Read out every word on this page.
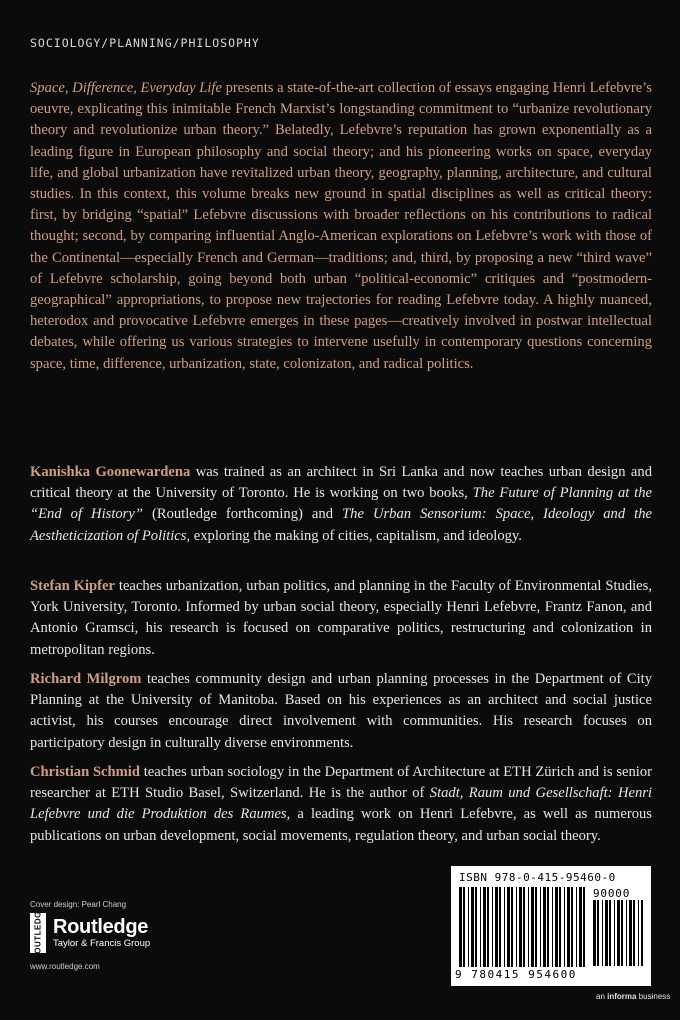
SOCIOLOGY/PLANNING/PHILOSOPHY

Space, Difference, Everyday Life presents a state-of-the-art collection of essays engaging Henri Lefebvre’s oeuvre, explicating this inimitable French Marxist’s longstanding commitment to “urbanize revolutionary theory and revolutionize urban theory.” Belatedly, Lefebvre’s reputation has grown exponentially as a leading figure in European philosophy and social theory; and his pioneering works on space, everyday life, and global urbanization have revitalized urban theory, geography, planning, architecture, and cultural studies. In this context, this volume breaks new ground in spatial disciplines as well as critical theory: first, by bridging “spatial” Lefebvre discussions with broader reflections on his contributions to radical thought; second, by comparing influential Anglo-American explorations on Lefebvre’s work with those of the Continental—especially French and German—traditions; and, third, by proposing a new “third wave” of Lefebvre scholarship, going beyond both urban “political-economic” critiques and “postmodern-geographical” appropriations, to propose new trajectories for reading Lefebvre today. A highly nuanced, heterodox and provocative Lefebvre emerges in these pages—creatively involved in postwar intellectual debates, while offering us various strategies to intervene usefully in contemporary questions concerning space, time, difference, urbanization, state, colonizaton, and radical politics.

Kanishka Goonewardena was trained as an architect in Sri Lanka and now teaches urban design and critical theory at the University of Toronto. He is working on two books, The Future of Planning at the “End of History” (Routledge forthcoming) and The Urban Sensorium: Space, Ideology and the Aestheticization of Politics, exploring the making of cities, capitalism, and ideology.

Stefan Kipfer teaches urbanization, urban politics, and planning in the Faculty of Environmental Studies, York University, Toronto. Informed by urban social theory, especially Henri Lefebvre, Frantz Fanon, and Antonio Gramsci, his research is focused on comparative politics, restructuring and colonization in metropolitan regions.

Richard Milgrom teaches community design and urban planning processes in the Department of City Planning at the University of Manitoba. Based on his experiences as an architect and social justice activist, his courses encourage direct involvement with communities. His research focuses on participatory design in culturally diverse environments.

Christian Schmid teaches urban sociology in the Department of Architecture at ETH Zürich and is senior researcher at ETH Studio Basel, Switzerland. He is the author of Stadt, Raum und Gesellschaft: Henri Lefebvre und die Produktion des Raumes, a leading work on Henri Lefebvre, as well as numerous publications on urban development, social movements, regulation theory, and urban social theory.

Cover design: Pearl Chang
ROUTLEDGE Routledge
Taylor & Francis Group
www.routledge.com
ISBN 978-0-415-95460-0
90000
9 780415 954600
an informa business
